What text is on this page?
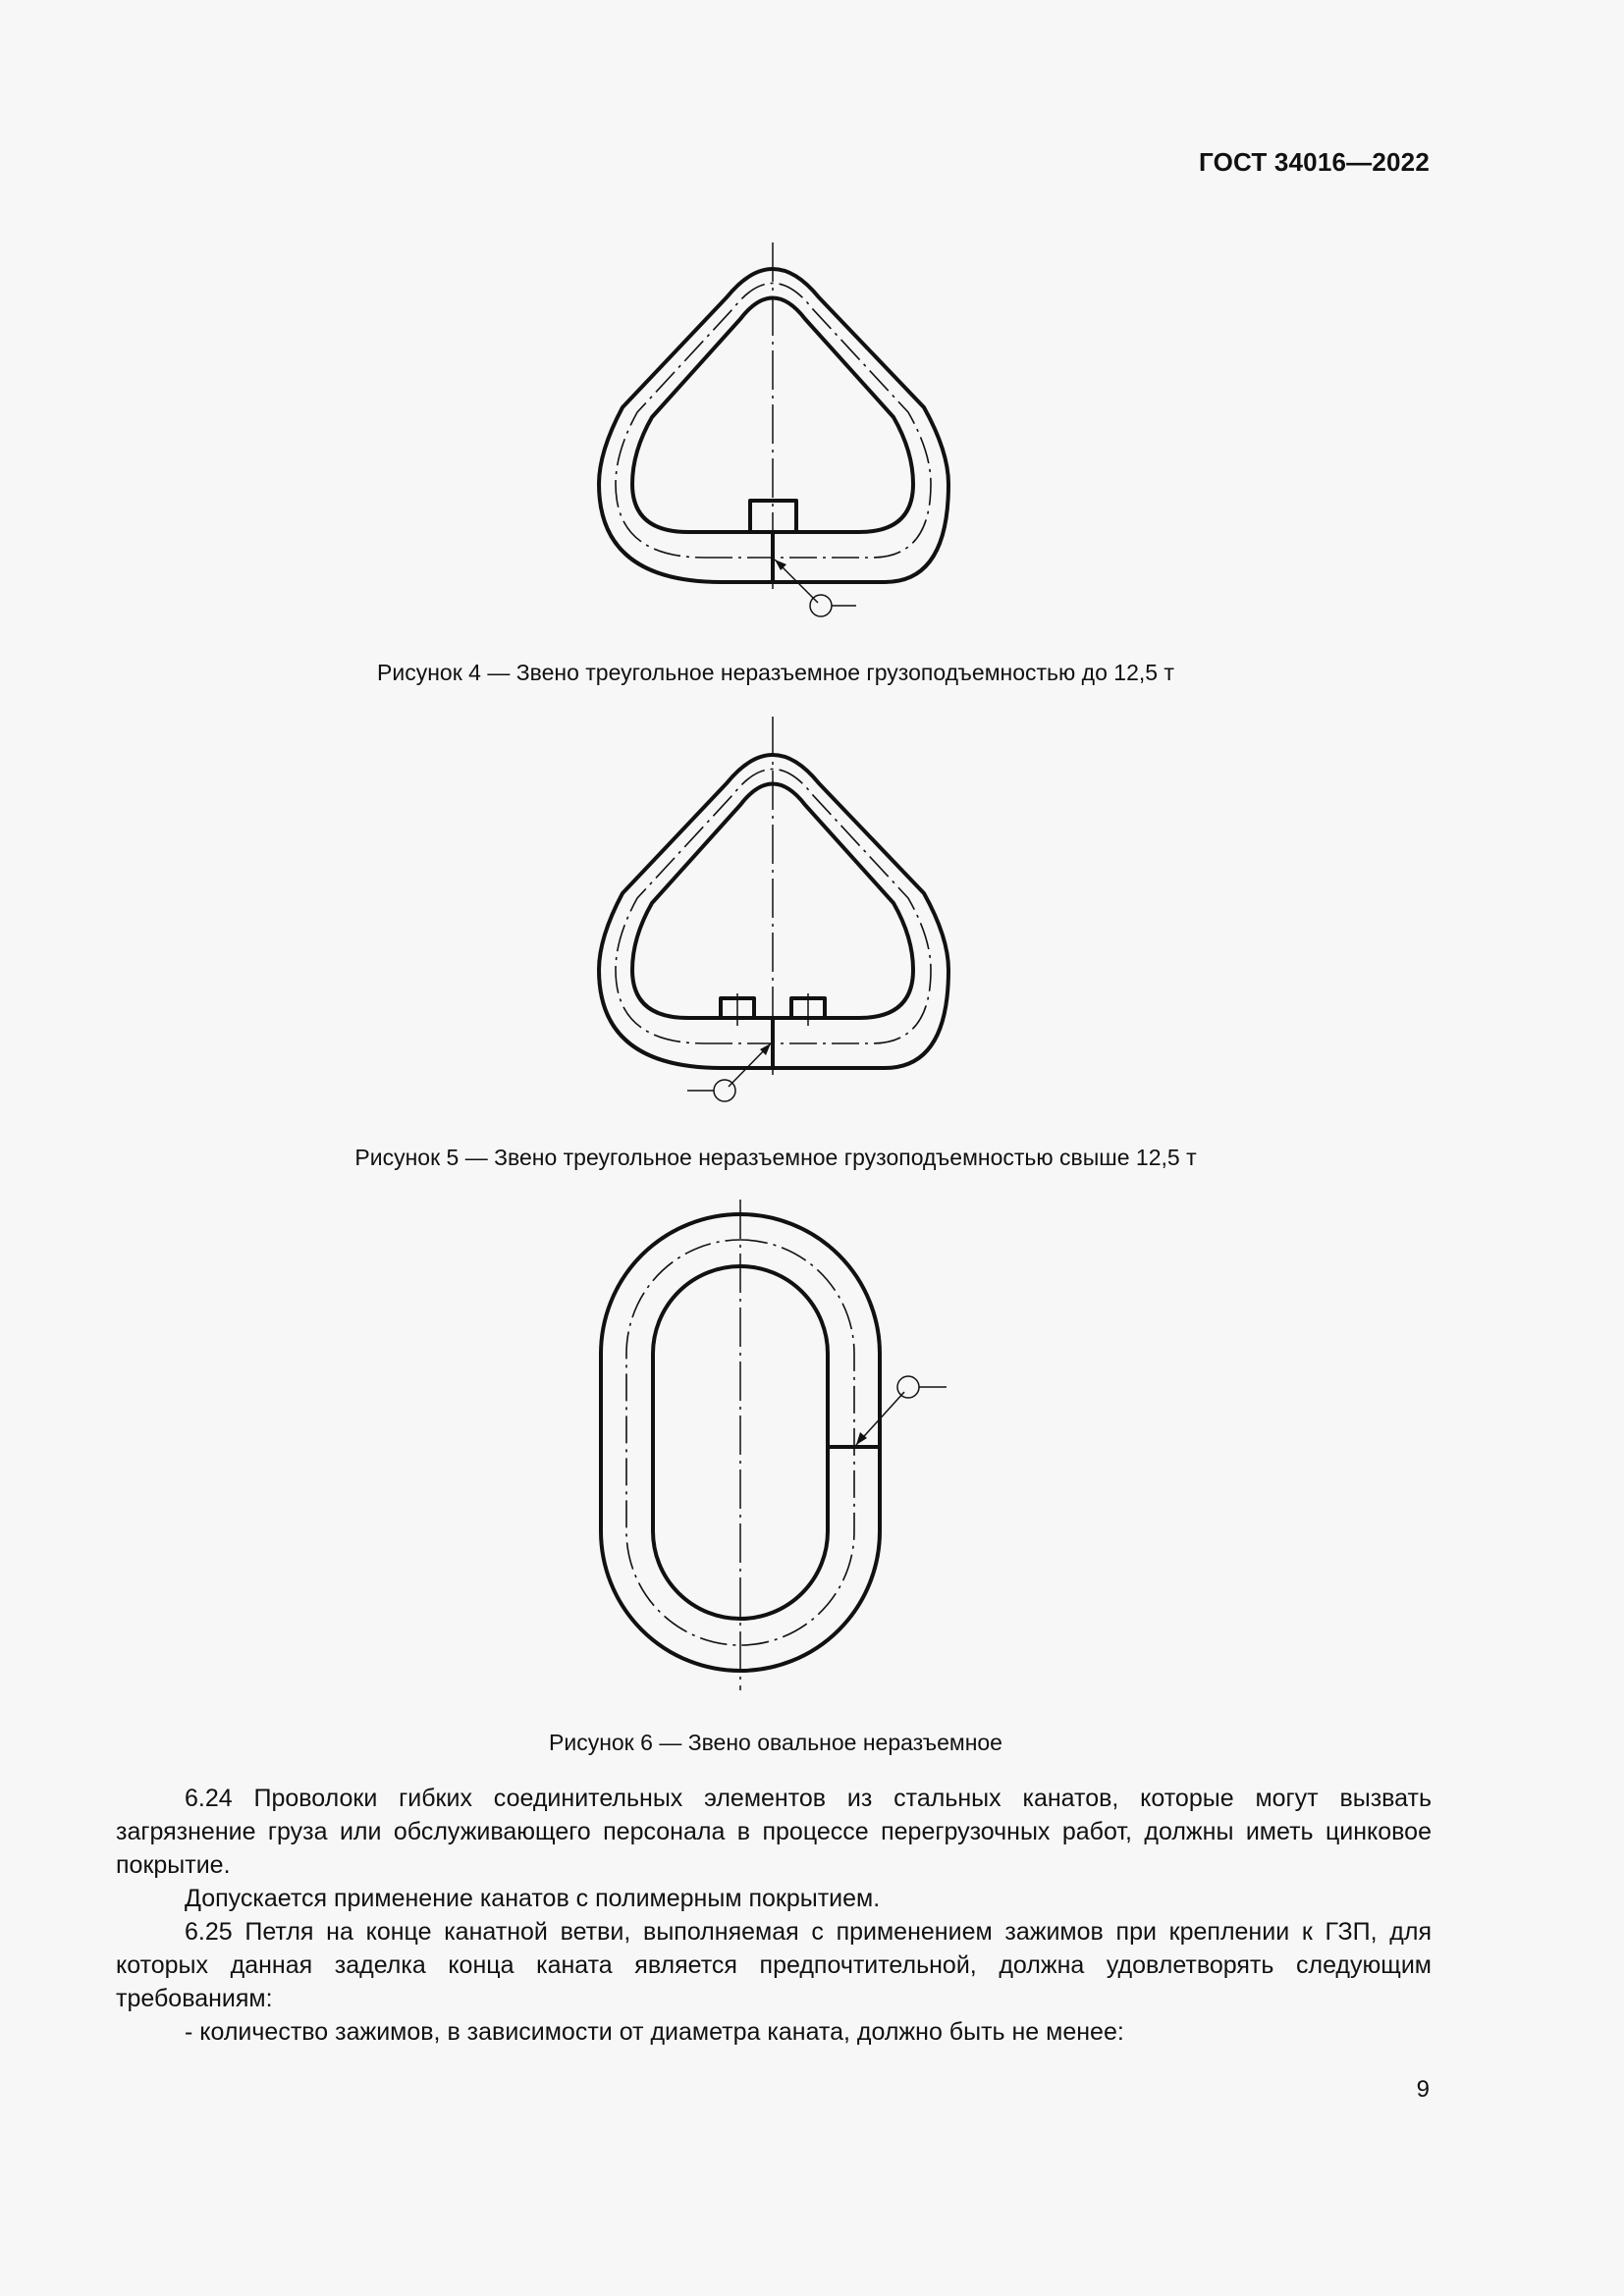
ГОСТ 34016—2022
Рисунок 4 — Звено треугольное неразъемное грузоподъемностью до 12,5 т
Рисунок 5 — Звено треугольное неразъемное грузоподъемностью свыше 12,5 т
Рисунок 6 — Звено овальное неразъемное

6.24 Проволоки гибких соединительных элементов из стальных канатов, которые могут вызвать загрязнение груза или обслуживающего персонала в процессе перегрузочных работ, должны иметь цинковое покрытие.

Допускается применение канатов с полимерным покрытием.

6.25 Петля на конце канатной ветви, выполняемая с применением зажимов при креплении к ГЗП, для которых данная заделка конца каната является предпочтительной, должна удовлетворять следующим требованиям:

- количество зажимов, в зависимости от диаметра каната, должно быть не менее:

9
